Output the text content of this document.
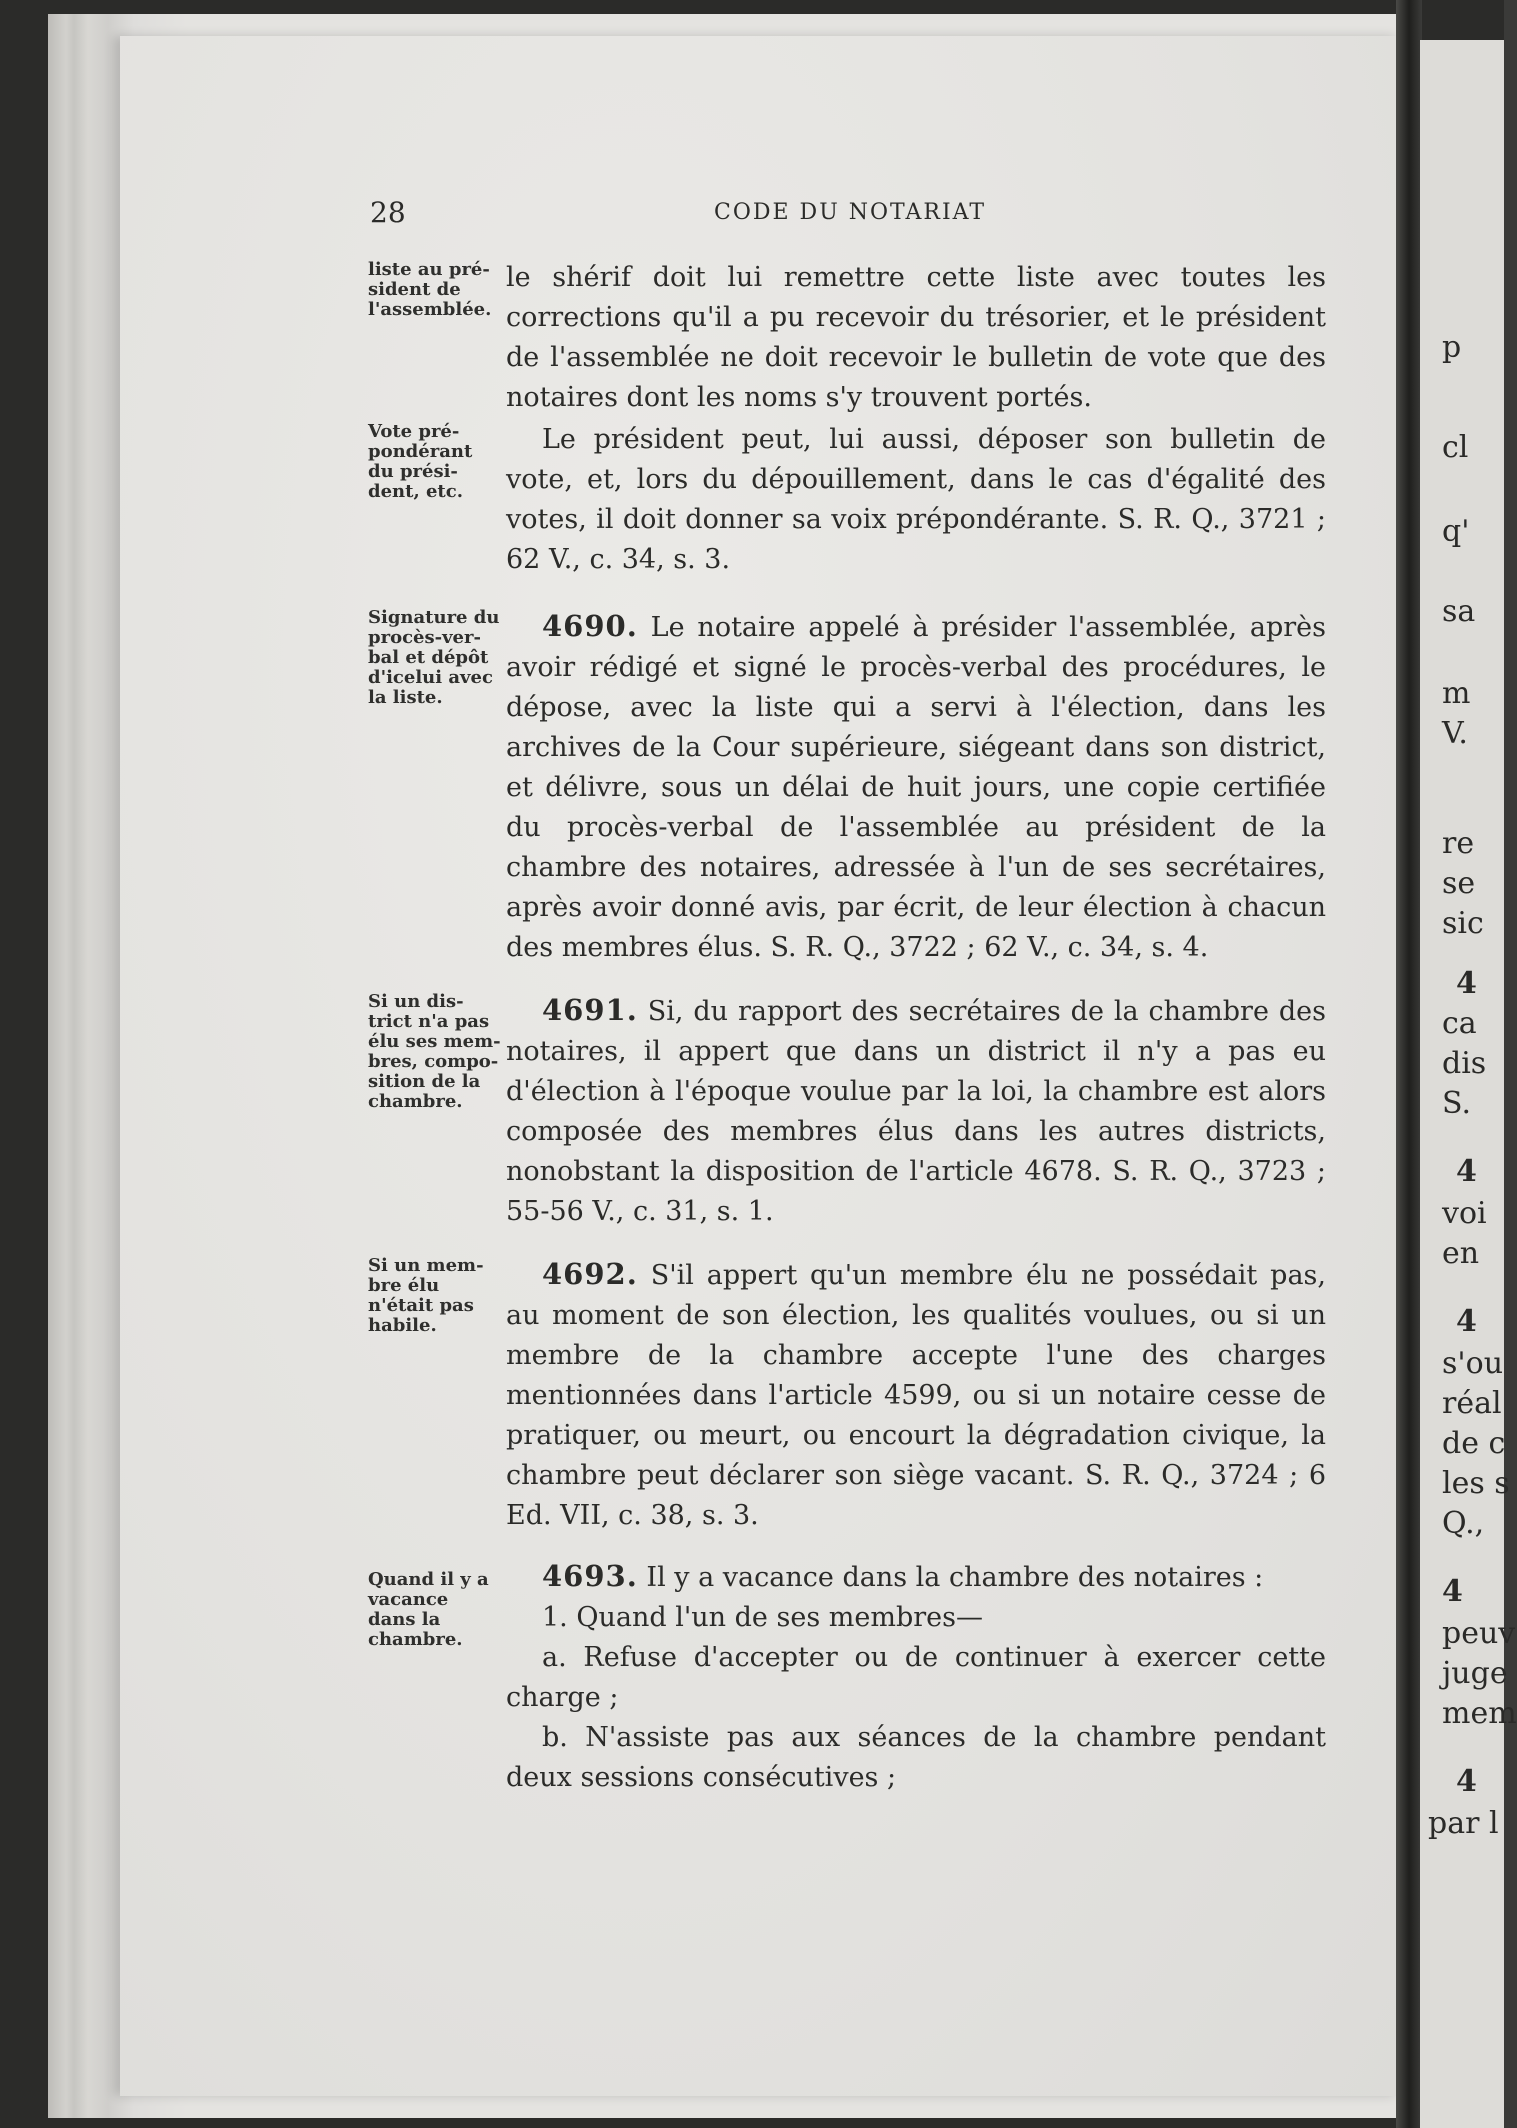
28	CODE DU NOTARIAT
liste au pré-
sident de
l'assemblée.
le shérif doit lui remettre cette liste avec toutes les corrections qu'il a pu recevoir du trésorier, et le président de l'assemblée ne doit recevoir le bulletin de vote que des notaires dont les noms s'y trouvent portés.
Vote pré-
pondérant
du prési-
dent, etc.
Le président peut, lui aussi, déposer son bulletin de vote, et, lors du dépouillement, dans le cas d'égalité des votes, il doit donner sa voix prépondérante. S. R. Q., 3721 ; 62 V., c. 34, s. 3.
Signature du
procès-ver-
bal et dépôt
d'icelui avec
la liste.
4690. Le notaire appelé à présider l'assemblée, après avoir rédigé et signé le procès-verbal des procédures, le dépose, avec la liste qui a servi à l'élection, dans les archives de la Cour supérieure, siégeant dans son district, et délivre, sous un délai de huit jours, une copie certifiée du procès-verbal de l'assemblée au président de la chambre des notaires, adressée à l'un de ses secrétaires, après avoir donné avis, par écrit, de leur élection à chacun des membres élus. S. R. Q., 3722 ; 62 V., c. 34, s. 4.
Si un dis-
trict n'a pas
élu ses mem-
bres, compo-
sition de la
chambre.
4691. Si, du rapport des secrétaires de la chambre des notaires, il appert que dans un district il n'y a pas eu d'élection à l'époque voulue par la loi, la chambre est alors composée des membres élus dans les autres districts, nonobstant la disposition de l'article 4678. S. R. Q., 3723 ; 55-56 V., c. 31, s. 1.
Si un mem-
bre élu
n'était pas
habile.
4692. S'il appert qu'un membre élu ne possédait pas, au moment de son élection, les qualités voulues, ou si un membre de la chambre accepte l'une des charges mentionnées dans l'article 4599, ou si un notaire cesse de pratiquer, ou meurt, ou encourt la dégradation civique, la chambre peut déclarer son siège vacant. S. R. Q., 3724 ; 6 Ed. VII, c. 38, s. 3.
Quand il y a
vacance
dans la
chambre.
4693. Il y a vacance dans la chambre des notaires :
1. Quand l'un de ses membres—
a. Refuse d'accepter ou de continuer à exercer cette charge ;
b. N'assiste pas aux séances de la chambre pendant deux sessions consécutives ;
p
cl
q'
sa
m
V.
re
se
sic
4
ca
dis
S.
4
voi
en
4
s'ou
réal
de c
les s
Q.,
4
peuv
juge
mem
4
par l
